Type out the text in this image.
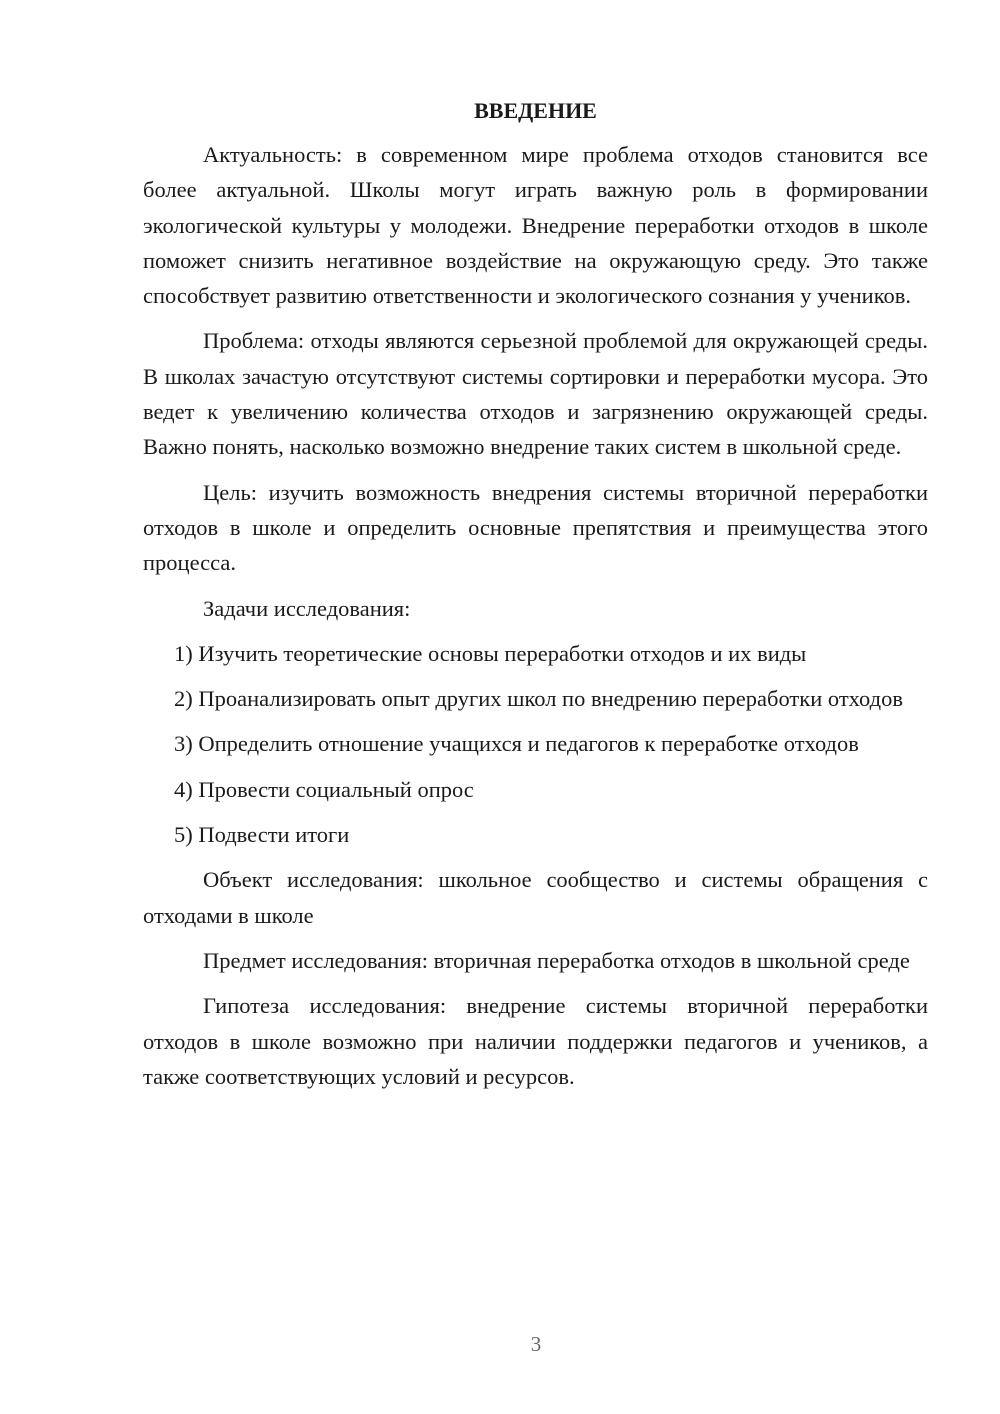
ВВЕДЕНИЕ

Актуальность: в современном мире проблема отходов становится все более актуальной. Школы могут играть важную роль в формировании экологической культуры у молодежи. Внедрение переработки отходов в школе поможет снизить негативное воздействие на окружающую среду. Это также способствует развитию ответственности и экологического сознания у учеников.

Проблема: отходы являются серьезной проблемой для окружающей среды. В школах зачастую отсутствуют системы сортировки и переработки мусора. Это ведет к увеличению количества отходов и загрязнению окружающей среды. Важно понять, насколько возможно внедрение таких систем в школьной среде.

Цель: изучить возможность внедрения системы вторичной переработки отходов в школе и определить основные препятствия и преимущества этого процесса.

Задачи исследования:

1) Изучить теоретические основы переработки отходов и их виды

2) Проанализировать опыт других школ по внедрению переработки отходов

3) Определить отношение учащихся и педагогов к переработке отходов

4) Провести социальный опрос

5) Подвести итоги

Объект исследования: школьное сообщество и системы обращения с отходами в школе

Предмет исследования: вторичная переработка отходов в школьной среде

Гипотеза исследования: внедрение системы вторичной переработки отходов в школе возможно при наличии поддержки педагогов и учеников, а также соответствующих условий и ресурсов.

3
